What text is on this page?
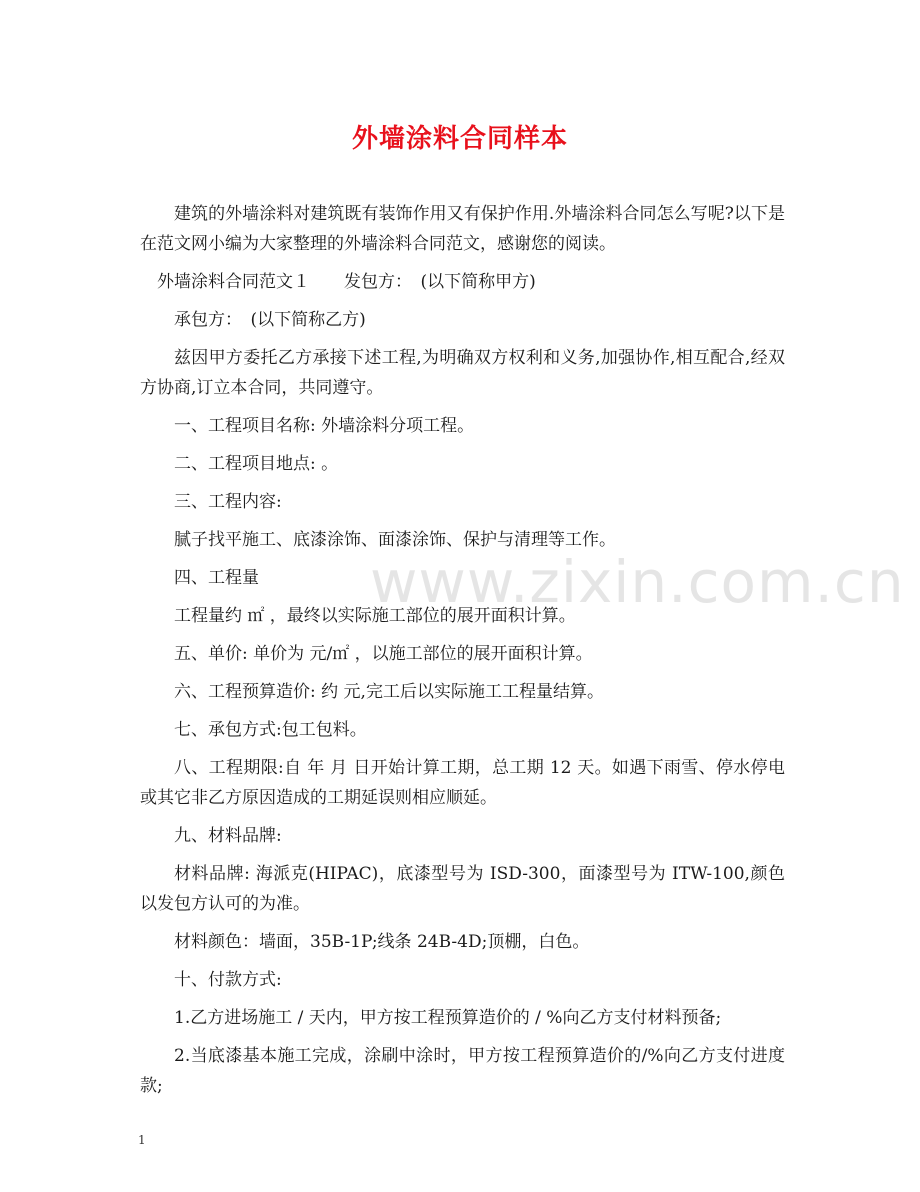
外墙涂料合同样本

建筑的外墙涂料对建筑既有装饰作用又有保护作用.外墙涂料合同怎么写呢?以下是在范文网小编为大家整理的外墙涂料合同范文，感谢您的阅读。

外墙涂料合同范文１　　发包方：　(以下简称甲方)

承包方：　(以下简称乙方)

兹因甲方委托乙方承接下述工程,为明确双方权利和义务,加强协作,相互配合,经双方协商,订立本合同，共同遵守。

一、工程项目名称: 外墙涂料分项工程。

二、工程项目地点: 。

三、工程内容:

腻子找平施工、底漆涂饰、面漆涂饰、保护与清理等工作。

四、工程量

工程量约 ㎡ ，最终以实际施工部位的展开面积计算。

五、单价: 单价为 元/㎡ ，以施工部位的展开面积计算。

六、工程预算造价: 约 元,完工后以实际施工工程量结算。

七、承包方式:包工包料。

八、工程期限:自 年 月 日开始计算工期，总工期 12 天。如遇下雨雪、停水停电或其它非乙方原因造成的工期延误则相应顺延。

九、材料品牌:

材料品牌: 海派克(HIPAC)，底漆型号为 ISD-300，面漆型号为 ITW-100,颜色以发包方认可的为准。

材料颜色：墙面，35B-1P;线条 24B-4D;顶棚，白色。

十、付款方式:

1.乙方进场施工 / 天内，甲方按工程预算造价的 / %向乙方支付材料预备;

2.当底漆基本施工完成，涂刷中涂时，甲方按工程预算造价的/%向乙方支付进度款;

www.zixin.com.cn
1
